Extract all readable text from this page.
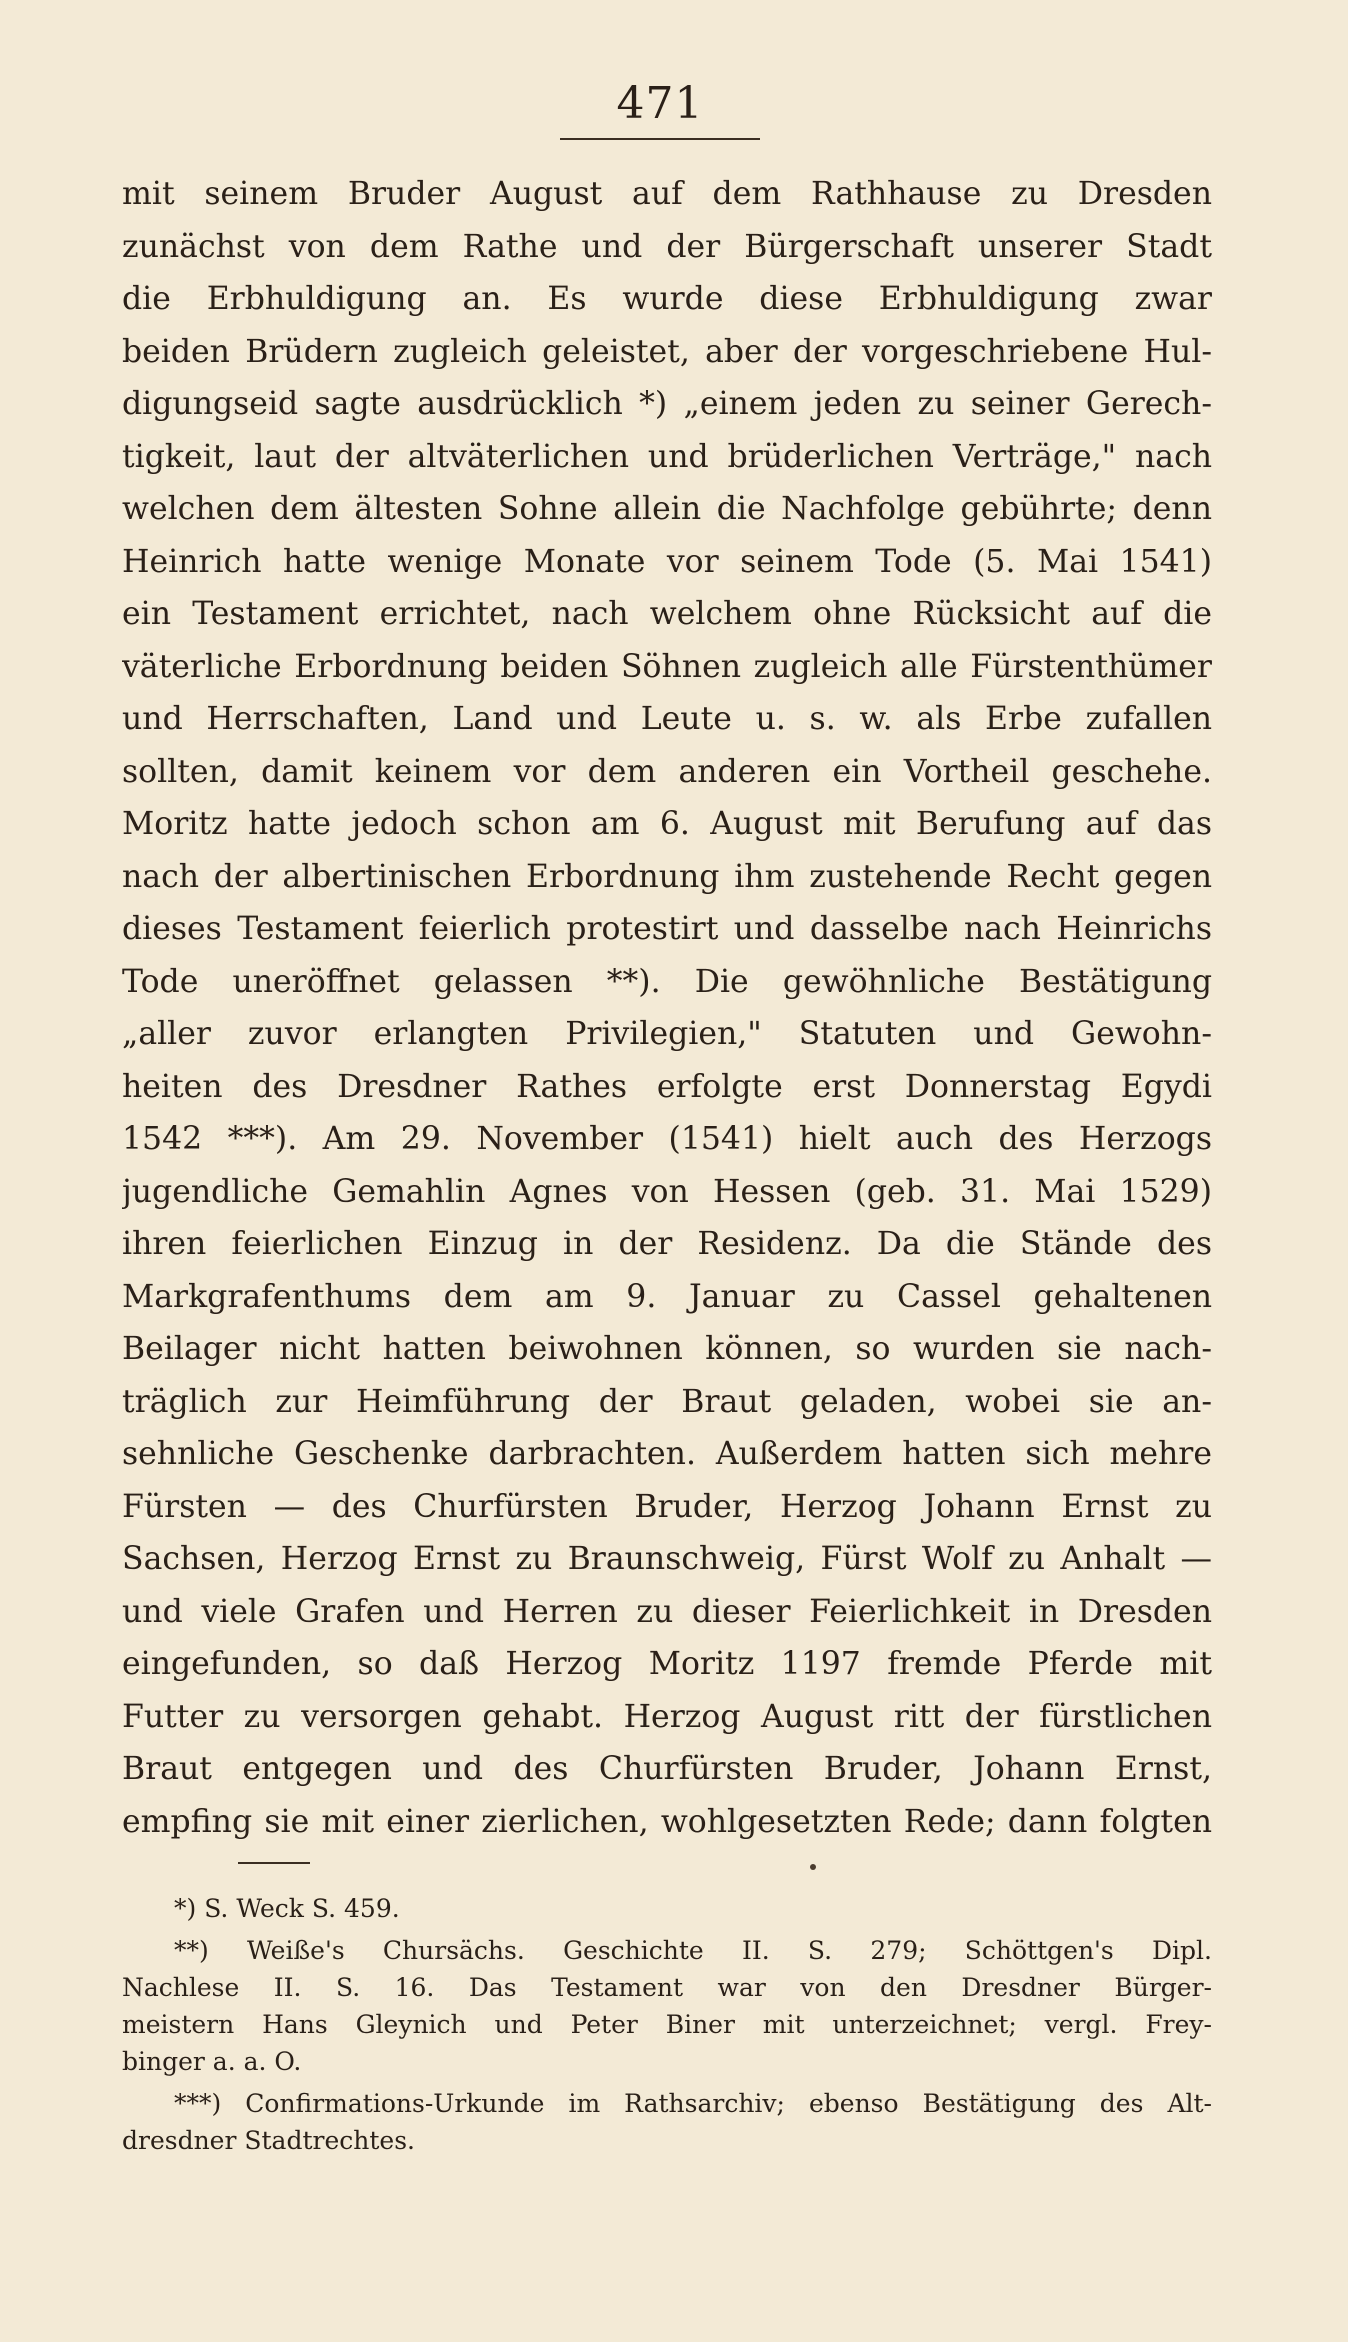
471
mit seinem Bruder August auf dem Rathhause zu Dresden
zunächst von dem Rathe und der Bürgerschaft unserer Stadt
die Erbhuldigung an. Es wurde diese Erbhuldigung zwar
beiden Brüdern zugleich geleistet, aber der vorgeschriebene Hul-
digungseid sagte ausdrücklich *) „einem jeden zu seiner Gerech-
tigkeit, laut der altväterlichen und brüderlichen Verträge," nach
welchen dem ältesten Sohne allein die Nachfolge gebührte; denn
Heinrich hatte wenige Monate vor seinem Tode (5. Mai 1541)
ein Testament errichtet, nach welchem ohne Rücksicht auf die
väterliche Erbordnung beiden Söhnen zugleich alle Fürstenthümer
und Herrschaften, Land und Leute u. s. w. als Erbe zufallen
sollten, damit keinem vor dem anderen ein Vortheil geschehe.
Moritz hatte jedoch schon am 6. August mit Berufung auf das
nach der albertinischen Erbordnung ihm zustehende Recht gegen
dieses Testament feierlich protestirt und dasselbe nach Heinrichs
Tode uneröffnet gelassen **). Die gewöhnliche Bestätigung
„aller zuvor erlangten Privilegien," Statuten und Gewohn-
heiten des Dresdner Rathes erfolgte erst Donnerstag Egydi
1542 ***). Am 29. November (1541) hielt auch des Herzogs
jugendliche Gemahlin Agnes von Hessen (geb. 31. Mai 1529)
ihren feierlichen Einzug in der Residenz. Da die Stände des
Markgrafenthums dem am 9. Januar zu Cassel gehaltenen
Beilager nicht hatten beiwohnen können, so wurden sie nach-
träglich zur Heimführung der Braut geladen, wobei sie an-
sehnliche Geschenke darbrachten. Außerdem hatten sich mehre
Fürsten — des Churfürsten Bruder, Herzog Johann Ernst zu
Sachsen, Herzog Ernst zu Braunschweig, Fürst Wolf zu Anhalt —
und viele Grafen und Herren zu dieser Feierlichkeit in Dresden
eingefunden, so daß Herzog Moritz 1197 fremde Pferde mit
Futter zu versorgen gehabt. Herzog August ritt der fürstlichen
Braut entgegen und des Churfürsten Bruder, Johann Ernst,
empfing sie mit einer zierlichen, wohlgesetzten Rede; dann folgten
*) S. Weck S. 459.
**) Weiße's Chursächs. Geschichte II. S. 279; Schöttgen's Dipl.
Nachlese II. S. 16. Das Testament war von den Dresdner Bürger-
meistern Hans Gleynich und Peter Biner mit unterzeichnet; vergl. Frey-
binger a. a. O.
***) Confirmations-Urkunde im Rathsarchiv; ebenso Bestätigung des Alt-
dresdner Stadtrechtes.
